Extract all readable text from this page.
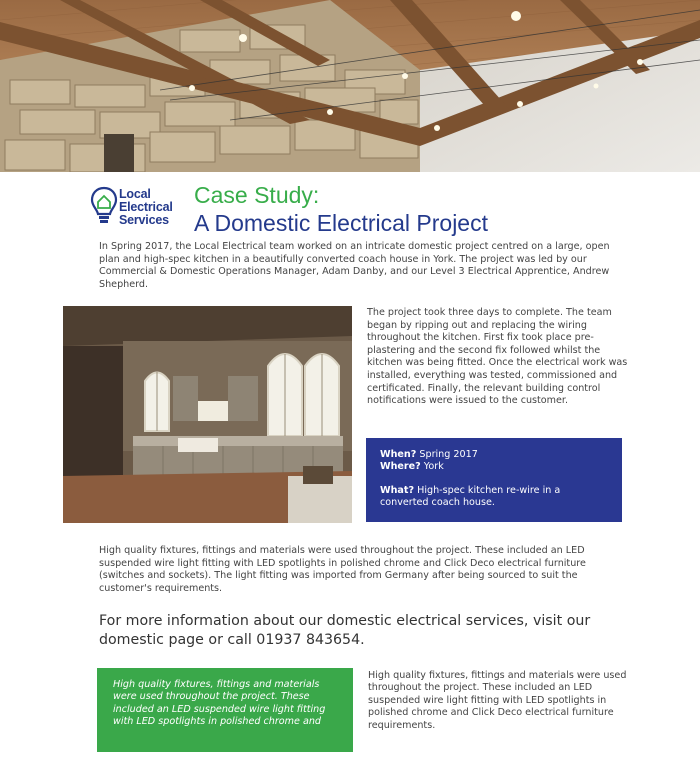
Local
Electrical
Services
Case Study:
A Domestic Electrical Project
In Spring 2017, the Local Electrical team worked on an intricate domestic project centred on a large, open plan and high-spec kitchen in a beautifully converted coach house in York. The project was led by our Commercial & Domestic Operations Manager, Adam Danby, and our Level 3 Electrical Apprentice, Andrew Shepherd.
The project took three days to complete. The team began by ripping out and replacing the wiring throughout the kitchen. First fix took place pre-plastering and the second fix followed whilst the kitchen was being fitted. Once the electrical work was installed, everything was tested, commissioned and certificated. Finally, the relevant building control notifications were issued to the customer.
When? Spring 2017
Where? York
What? High-spec kitchen re-wire in a converted coach house.
High quality fixtures, fittings and materials were used throughout the project. These included an LED suspended wire light fitting with LED spotlights in polished chrome and Click Deco electrical furniture (switches and sockets). The light fitting was imported from Germany after being sourced to suit the customer's requirements.
For more information about our domestic electrical services, visit our domestic page or call 01937 843654.
High quality fixtures, fittings and materials were used throughout the project. These included an LED suspended wire light fitting with LED spotlights in polished chrome and
High quality fixtures, fittings and materials were used throughout the project. These included an LED suspended wire light fitting with LED spotlights in polished chrome and Click Deco electrical furniture requirements.
